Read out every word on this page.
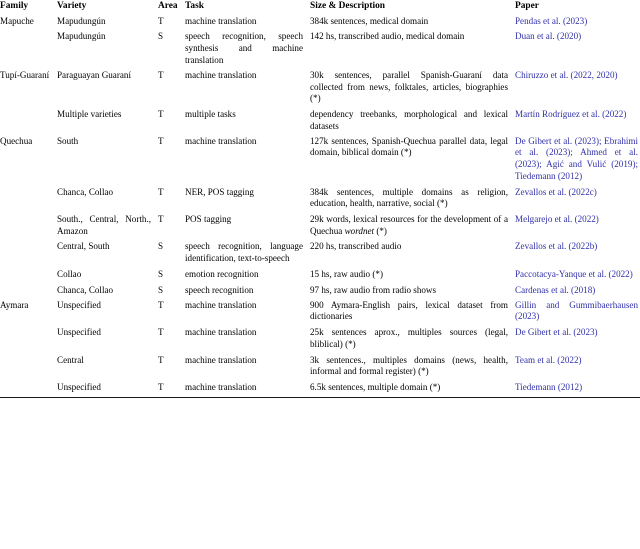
Family	Variety	Area	Task	Size & Description	Paper

Mapuche	Mapudungún	T	machine translation	384k sentences, medical domain	Pendas et al. (2023)

	Mapudungún	S	speech recognition, speech synthesis and machine translation	142 hs, transcribed audio, medical domain	Duan et al. (2020)

Tupí-Guaraní	Paraguayan Guaraní	T	machine translation	30k sentences, parallel Spanish-Guaraní data collected from news, folktales, articles, biographies (*)	Chiruzzo et al. (2022, 2020)

	Multiple varieties	T	multiple tasks	dependency treebanks, morphological and lexical datasets	Martín Rodríguez et al. (2022)

Quechua	South	T	machine translation	127k sentences, Spanish-Quechua parallel data, legal domain, biblical domain (*)	De Gibert et al. (2023); Ebrahimi et al. (2023); Ahmed et al. (2023); Agić and Vulić (2019); Tiedemann (2012)

	Chanca, Collao	T	NER, POS tagging	384k sentences, multiple domains as religion, education, health, narrative, social (*)	Zevallos et al. (2022c)

	South., Central, North., Amazon	T	POS tagging	29k words, lexical resources for the development of a Quechua wordnet (*)	Melgarejo et al. (2022)

	Central, South	S	speech recognition, language identification, text-to-speech	220 hs, transcribed audio	Zevallos et al. (2022b)

	Collao	S	emotion recognition	15 hs, raw audio (*)	Paccotacya-Yanque et al. (2022)

	Chanca, Collao	S	speech recognition	97 hs, raw audio from radio shows	Cardenas et al. (2018)

Aymara	Unspecified	T	machine translation	900 Aymara-English pairs, lexical dataset from dictionaries	Gillin and Gummibaerhausen (2023)

	Unspecified	T	machine translation	25k sentences aprox., multiples sources (legal, bliblical) (*)	De Gibert et al. (2023)

	Central	T	machine translation	3k sentences., multiples domains (news, health, informal and formal register) (*)	Team et al. (2022)

	Unspecified	T	machine translation	6.5k sentences, multiple domain (*)	Tiedemann (2012)
